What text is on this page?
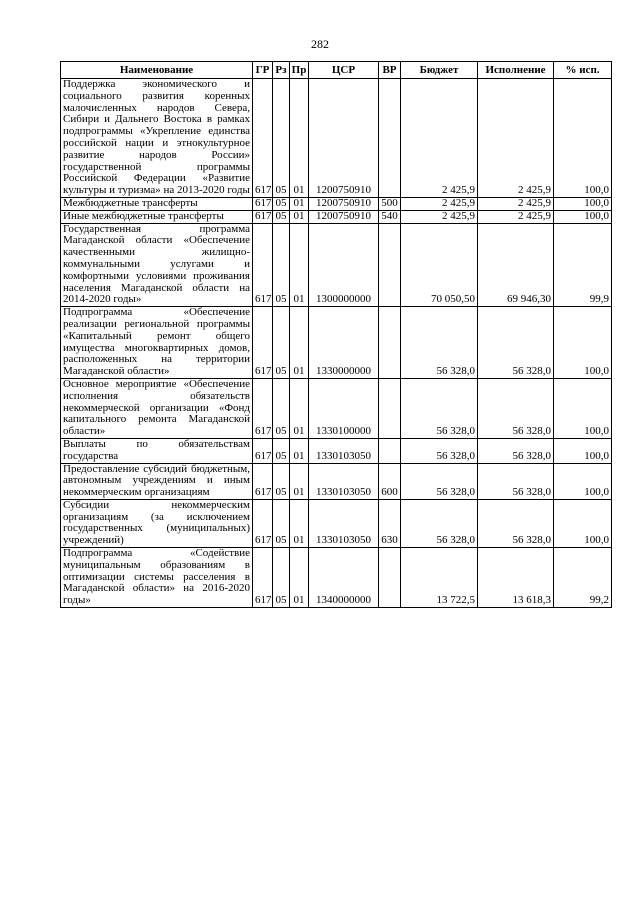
282
Наименование	ГР	Рз	Пр	ЦСР	ВР	Бюджет	Исполнение	% исп.
Поддержка экономического и социального развития коренных малочисленных народов Севера, Сибири и Дальнего Востока в рамках подпрограммы «Укрепление единства российской нации и этнокультурное развитие народов России» государственной программы Российской Федерации «Развитие культуры и туризма» на 2013-2020 годы	617	05	01	1200750910		2 425,9	2 425,9	100,0
Межбюджетные трансферты	617	05	01	1200750910	500	2 425,9	2 425,9	100,0
Иные межбюджетные трансферты	617	05	01	1200750910	540	2 425,9	2 425,9	100,0
Государственная программа Магаданской области «Обеспечение качественными жилищно-коммунальными услугами и комфортными условиями проживания населения Магаданской области на 2014-2020 годы»	617	05	01	1300000000		70 050,50	69 946,30	99,9
Подпрограмма «Обеспечение реализации региональной программы «Капитальный ремонт общего имущества многоквартирных домов, расположенных на территории Магаданской области»	617	05	01	1330000000		56 328,0	56 328,0	100,0
Основное мероприятие «Обеспечение исполнения обязательств некоммерческой организации «Фонд капитального ремонта Магаданской области»	617	05	01	1330100000		56 328,0	56 328,0	100,0
Выплаты по обязательствам государства	617	05	01	1330103050		56 328,0	56 328,0	100,0
Предоставление субсидий бюджетным, автономным учреждениям и иным некоммерческим организациям	617	05	01	1330103050	600	56 328,0	56 328,0	100,0
Субсидии некоммерческим организациям (за исключением государственных (муниципальных) учреждений)	617	05	01	1330103050	630	56 328,0	56 328,0	100,0
Подпрограмма «Содействие муниципальным образованиям в оптимизации системы расселения в Магаданской области» на 2016-2020 годы»	617	05	01	1340000000		13 722,5	13 618,3	99,2
